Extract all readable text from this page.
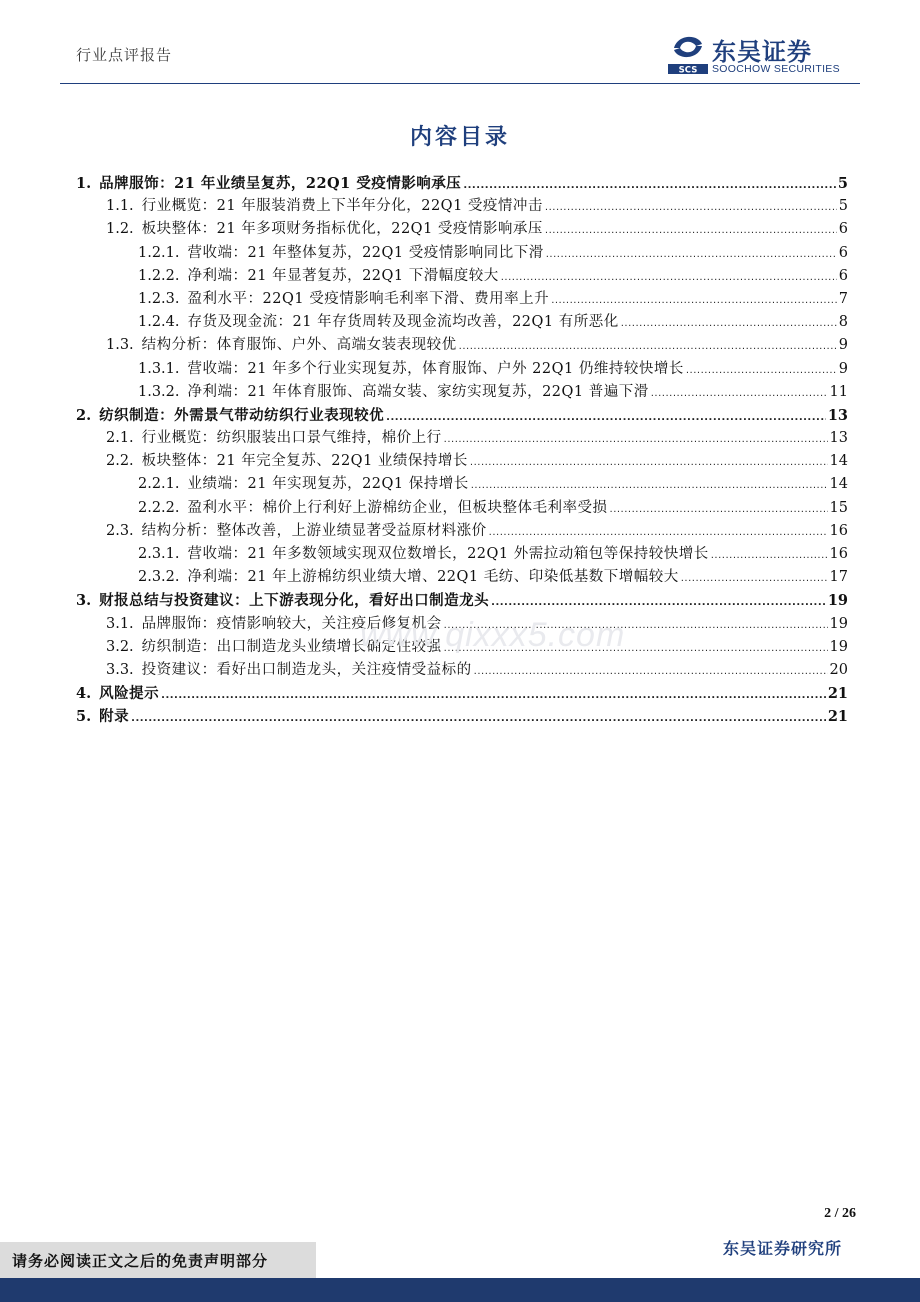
行业点评报告
SCS
东吴证券
SOOCHOW SECURITIES
内容目录
1. 品牌服饰：21 年业绩呈复苏，22Q1 受疫情影响承压 .....	5
1.1. 行业概览：21 年服装消费上下半年分化，22Q1 受疫情冲击 .....	5
1.2. 板块整体：21 年多项财务指标优化，22Q1 受疫情影响承压 .....	6
1.2.1. 营收端：21 年整体复苏，22Q1 受疫情影响同比下滑 .....	6
1.2.2. 净利端：21 年显著复苏，22Q1 下滑幅度较大 .....	6
1.2.3. 盈利水平：22Q1 受疫情影响毛利率下滑、费用率上升 .....	7
1.2.4. 存货及现金流：21 年存货周转及现金流均改善，22Q1 有所恶化 .....	8
1.3. 结构分析：体育服饰、户外、高端女装表现较优 .....	9
1.3.1. 营收端：21 年多个行业实现复苏，体育服饰、户外 22Q1 仍维持较快增长 .....	9
1.3.2. 净利端：21 年体育服饰、高端女装、家纺实现复苏，22Q1 普遍下滑 .....	11
2. 纺织制造：外需景气带动纺织行业表现较优 .....	13
2.1. 行业概览：纺织服装出口景气维持，棉价上行 .....	13
2.2. 板块整体：21 年完全复苏、22Q1 业绩保持增长 .....	14
2.2.1. 业绩端：21 年实现复苏，22Q1 保持增长 .....	14
2.2.2. 盈利水平：棉价上行利好上游棉纺企业，但板块整体毛利率受损 .....	15
2.3. 结构分析：整体改善，上游业绩显著受益原材料涨价 .....	16
2.3.1. 营收端：21 年多数领域实现双位数增长，22Q1 外需拉动箱包等保持较快增长 .....	16
2.3.2. 净利端：21 年上游棉纺织业绩大增、22Q1 毛纺、印染低基数下增幅较大 .....	17
3. 财报总结与投资建议：上下游表现分化，看好出口制造龙头 .....	19
3.1. 品牌服饰：疫情影响较大，关注疫后修复机会 .....	19
3.2. 纺织制造：出口制造龙头业绩增长确定性较强 .....	19
3.3. 投资建议：看好出口制造龙头，关注疫情受益标的 .....	20
4. 风险提示 .....	21
5. 附录 .....	21
www.qixxx5.com
2 / 26
东吴证券研究所
请务必阅读正文之后的免责声明部分
